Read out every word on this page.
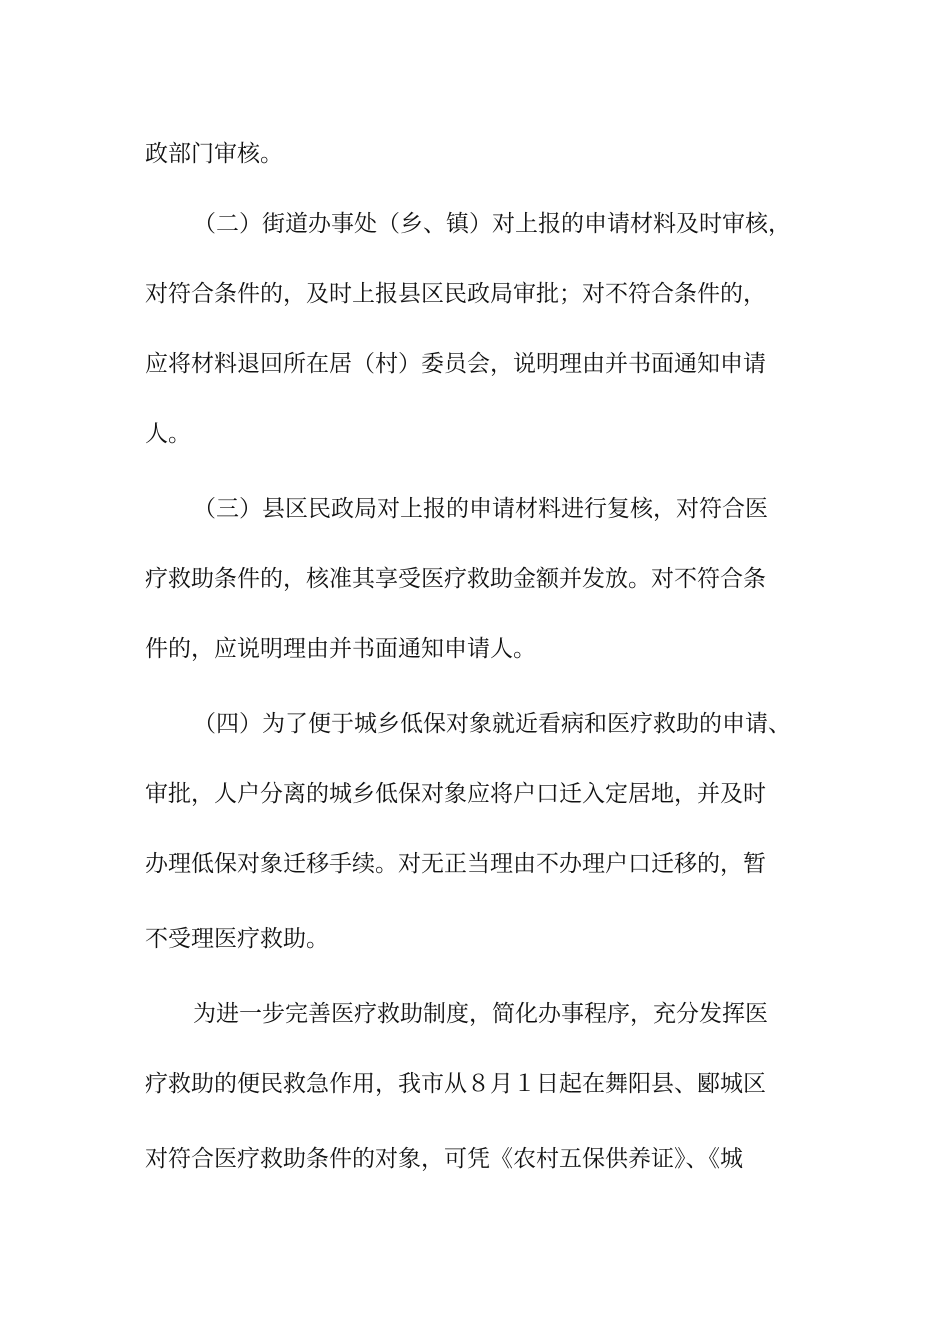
政部门审核。
（二）街道办事处（乡、镇）对上报的申请材料及时审核，
对符合条件的，及时上报县区民政局审批；对不符合条件的，
应将材料退回所在居（村）委员会，说明理由并书面通知申请
人。
（三）县区民政局对上报的申请材料进行复核，对符合医
疗救助条件的，核准其享受医疗救助金额并发放。对不符合条
件的，应说明理由并书面通知申请人。
（四）为了便于城乡低保对象就近看病和医疗救助的申请、
审批，人户分离的城乡低保对象应将户口迁入定居地，并及时
办理低保对象迁移手续。对无正当理由不办理户口迁移的，暂
不受理医疗救助。
为进一步完善医疗救助制度，简化办事程序，充分发挥医
疗救助的便民救急作用，我市从８月１日起在舞阳县、郾城区
对符合医疗救助条件的对象，可凭《农村五保供养证》、《城
